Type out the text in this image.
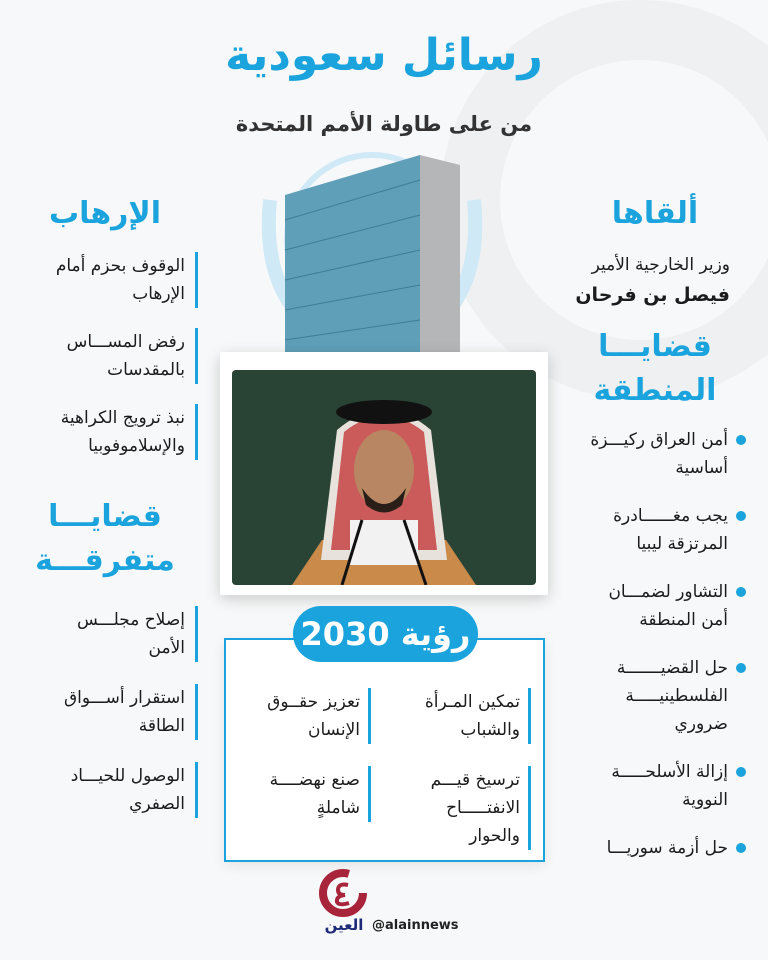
رسائل سعودية
من على طاولة الأمم المتحدة
ألقاها
وزير الخارجية الأمير
فيصل بن فرحان
قضايـــا
المنطقة
أمن العراق ركيـــزة
أساسية
يجب مغــــــادرة
المرتزقة ليبيا
التشاور لضمـــان
أمن المنطقة
حل القضيـــــــة
الفلسطينيـــــة
ضروري
إزالة الأسلحـــــة
النووية
حل أزمة سوريـــا
الإرهاب
الوقوف بحزم أمام
الإرهاب
رفض المســـاس
بالمقدسات
نبذ ترويج الكراهية
والإسلاموفوبيا
قضايـــا
متفرقـــة
إصلاح مجلـــس
الأمن
استقرار أســـواق
الطاقة
الوصول للحيـــاد
الصفري
تمكين المـرأة
والشباب
تعزيز حقــوق
الإنسان
ترسيخ قيـــم
الانفتـــــاح
والحوار
صنع نهضــــة
شاملةٍ
رؤية 2030
العين @alainnews
